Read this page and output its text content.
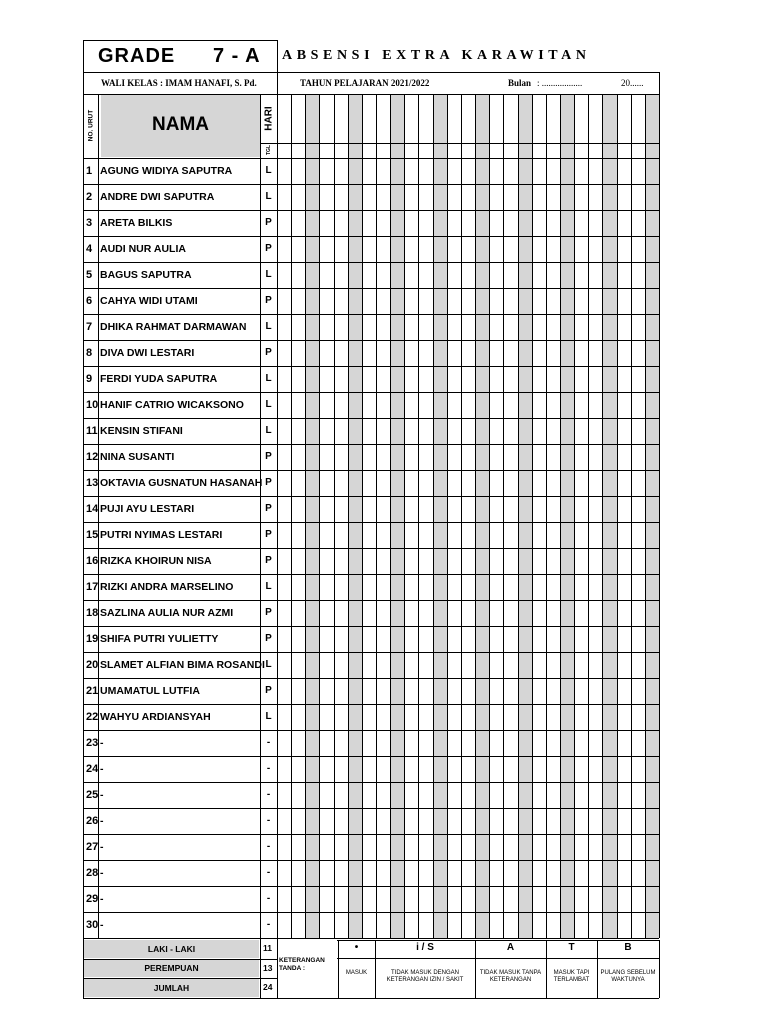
GRADE 7 - A ABSENSI EXTRA KARAWITAN
WALI KELAS : IMAM HANAFI, S. Pd.	TAHUN PELAJARAN 2021/2022	Bulan : ..................	20......
NAMA
NO. URUT	HARI
TGL
1 AGUNG WIDIYA SAPUTRA	L
2 ANDRE DWI SAPUTRA	L
3 ARETA BILKIS	P
4 AUDI NUR AULIA	P
5 BAGUS SAPUTRA	L
6 CAHYA WIDI UTAMI	P
7 DHIKA RAHMAT DARMAWAN	L
8 DIVA DWI LESTARI	P
9 FERDI YUDA SAPUTRA	L
10 HANIF CATRIO WICAKSONO	L
11 KENSIN STIFANI	L
12 NINA SUSANTI	P
13 OKTAVIA GUSNATUN HASANAH P
14 PUJI AYU LESTARI	P
15 PUTRI NYIMAS LESTARI	P
16 RIZKA KHOIRUN NISA	P
17 RIZKI ANDRA MARSELINO	L
18 SAZLINA AULIA NUR AZMI	P
19 SHIFA PUTRI YULIETTY	P
20 SLAMET ALFIAN BIMA ROSANDI L
21 UMAMATUL LUTFIA	P
22 WAHYU ARDIANSYAH	L
23 -	-
24 -	-
25 -	-
26 -	-
27 -	-
28 -	-
29 -	-
30 -	-
LAKI - LAKI	11
PEREMPUAN	13
JUMLAH	24
KETERANGAN TANDA :
•
MASUK
i / S
TIDAK MASUK DENGAN KETERANGAN IZIN / SAKIT
A
TIDAK MASUK TANPA KETERANGAN
T
MASUK TAPI TERLAMBAT
B
PULANG SEBELUM WAKTUNYA
